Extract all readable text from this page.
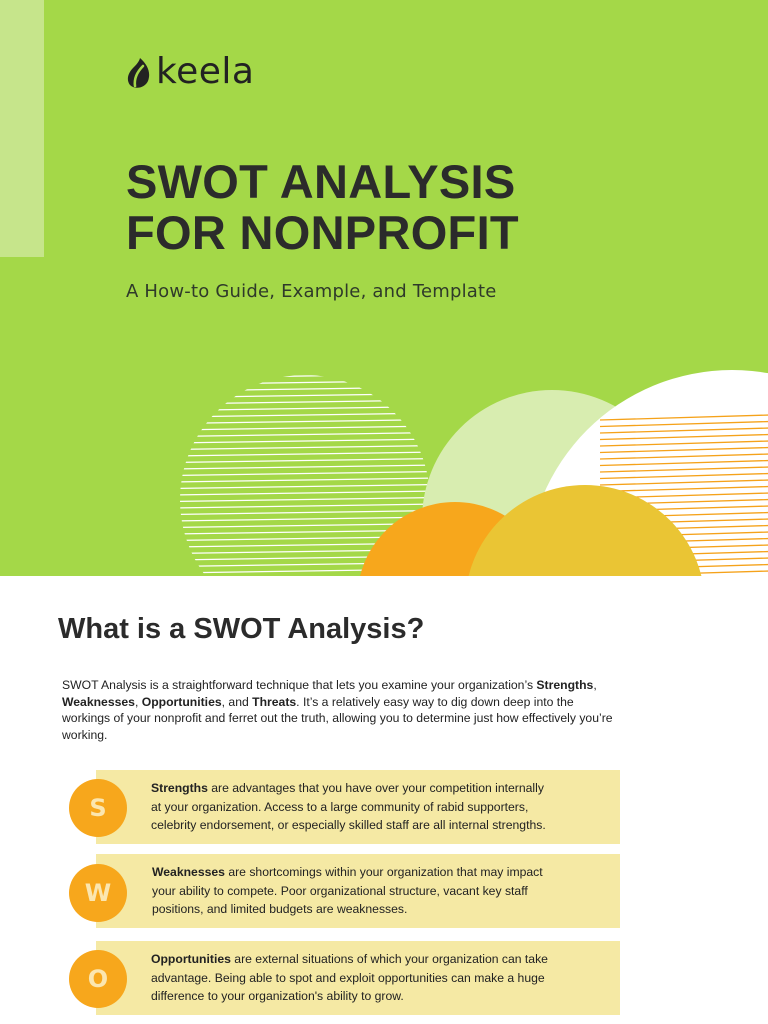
keela
SWOT ANALYSIS
FOR NONPROFIT

A How-to Guide, Example, and Template

What is a SWOT Analysis?

SWOT Analysis is a straightforward technique that lets you examine your organization’s Strengths, Weaknesses, Opportunities, and Threats. It’s a relatively easy way to dig down deep into the workings of your nonprofit and ferret out the truth, allowing you to determine just how effectively you’re working.

Strengths are advantages that you have over your competition internally at your organization. Access to a large community of rabid supporters, celebrity endorsement, or especially skilled staff are all internal strengths.

S

Weaknesses are shortcomings within your organization that may impact your ability to compete. Poor organizational structure, vacant key staff positions, and limited budgets are weaknesses.

W

Opportunities are external situations of which your organization can take advantage. Being able to spot and exploit opportunities can make a huge difference to your organization's ability to grow.

O
